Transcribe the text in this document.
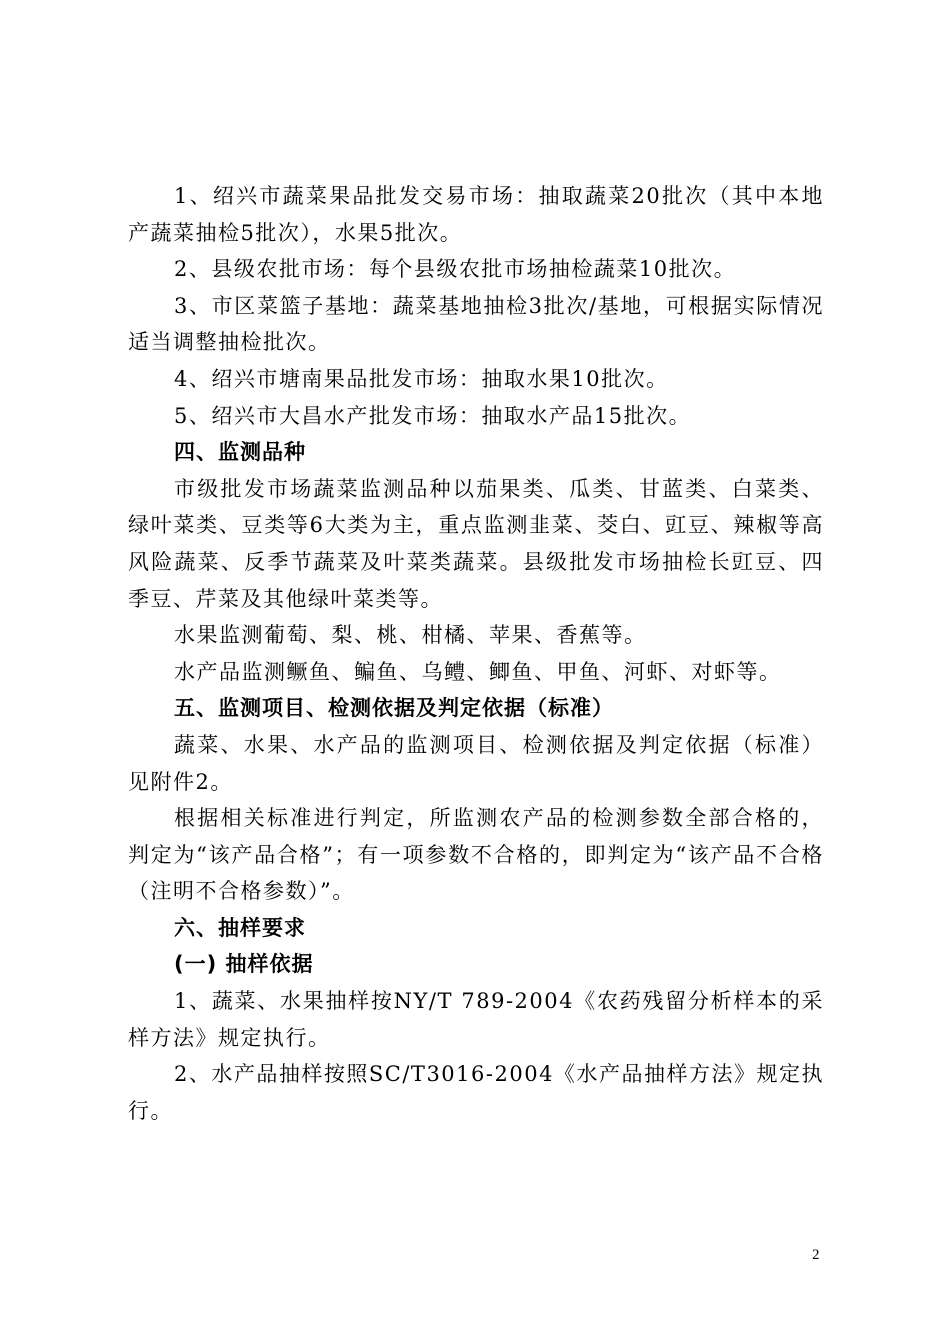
1、绍兴市蔬菜果品批发交易市场：抽取蔬菜20批次（其中本地产蔬菜抽检5批次），水果5批次。

2、县级农批市场：每个县级农批市场抽检蔬菜10批次。

3、市区菜篮子基地：蔬菜基地抽检3批次/基地，可根据实际情况适当调整抽检批次。

4、绍兴市塘南果品批发市场：抽取水果10批次。

5、绍兴市大昌水产批发市场：抽取水产品15批次。

四、监测品种

市级批发市场蔬菜监测品种以茄果类、瓜类、甘蓝类、白菜类、绿叶菜类、豆类等6大类为主，重点监测韭菜、茭白、豇豆、辣椒等高风险蔬菜、反季节蔬菜及叶菜类蔬菜。县级批发市场抽检长豇豆、四季豆、芹菜及其他绿叶菜类等。

水果监测葡萄、梨、桃、柑橘、苹果、香蕉等。

水产品监测鳜鱼、鳊鱼、乌鳢、鲫鱼、甲鱼、河虾、对虾等。

五、监测项目、检测依据及判定依据（标准）

蔬菜、水果、水产品的监测项目、检测依据及判定依据（标准）见附件2。

根据相关标准进行判定，所监测农产品的检测参数全部合格的，判定为“该产品合格”；有一项参数不合格的，即判定为“该产品不合格（注明不合格参数）”。

六、抽样要求

(一) 抽样依据

1、蔬菜、水果抽样按NY/T 789-2004《农药残留分析样本的采样方法》规定执行。

2、水产品抽样按照SC/T3016-2004《水产品抽样方法》规定执行。

2
